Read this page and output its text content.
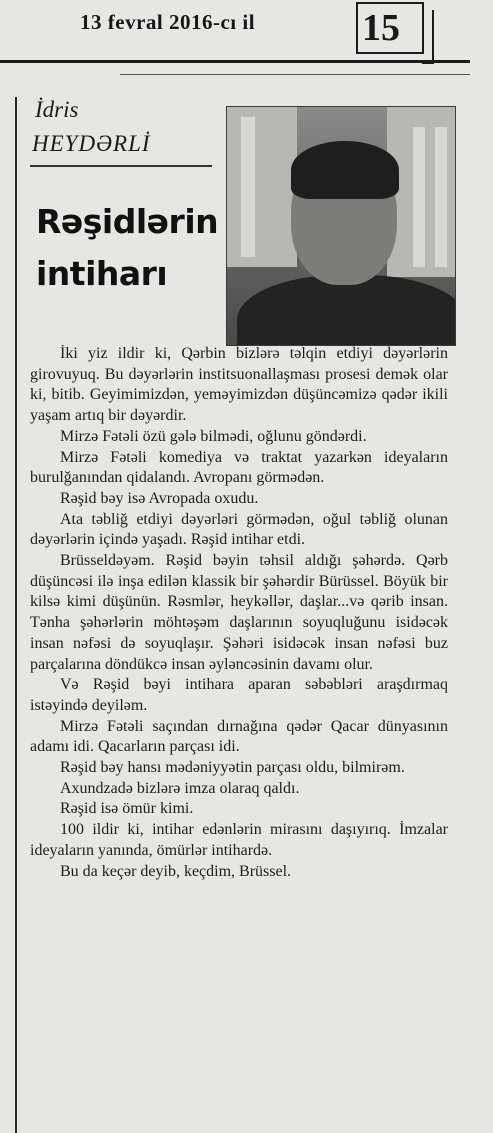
13 fevral 2016-cı il	15
İdris
HEYDƏRLİ
Rəşidlərin
intiharı

İki yiz ildir ki, Qərbin bizlərə təlqin etdiyi dəyərlərin girovuyuq. Bu dəyərlərin institsuonallaşması prosesi demək olar ki, bitib. Geyimimizdən, yeməyimizdən düşüncəmizə qədər ikili yaşam artıq bir dəyərdir.

Mirzə Fətəli özü gələ bilmədi, oğlunu göndərdi.

Mirzə Fətəli komediya və traktat yazarkən ideyaların burulğanından qidalandı. Avropanı görmədən.

Rəşid bəy isə Avropada oxudu.

Ata təbliğ etdiyi dəyərləri görmədən, oğul təbliğ olunan dəyərlərin içində yaşadı. Rəşid intihar etdi.

Brüsseldəyəm. Rəşid bəyin təhsil aldığı şəhərdə. Qərb düşüncəsi ilə inşa edilən klassik bir şəhərdir Bürüssel. Böyük bir kilsə kimi düşünün. Rəsmlər, heykəllər, daşlar...və qərib insan. Tənha şəhərlərin möhtəşəm daşlarının soyuqluğunu isidəcək insan nəfəsi də soyuqlaşır. Şəhəri isidəcək insan nəfəsi buz parçalarına döndükcə insan əyləncəsinin davamı olur.

Və Rəşid bəyi intihara aparan səbəbləri araşdırmaq istəyində deyiləm.

Mirzə Fətəli saçından dırnağına qədər Qacar dünyasının adamı idi. Qacarların parçası idi.

Rəşid bəy hansı mədəniyyətin parçası oldu, bilmirəm.

Axundzadə bizlərə imza olaraq qaldı.

Rəşid isə ömür kimi.

100 ildir ki, intihar edənlərin mirasını daşıyırıq. İmzalar ideyaların yanında, ömürlər intihardə.

Bu da keçər deyib, keçdim, Brüssel.
